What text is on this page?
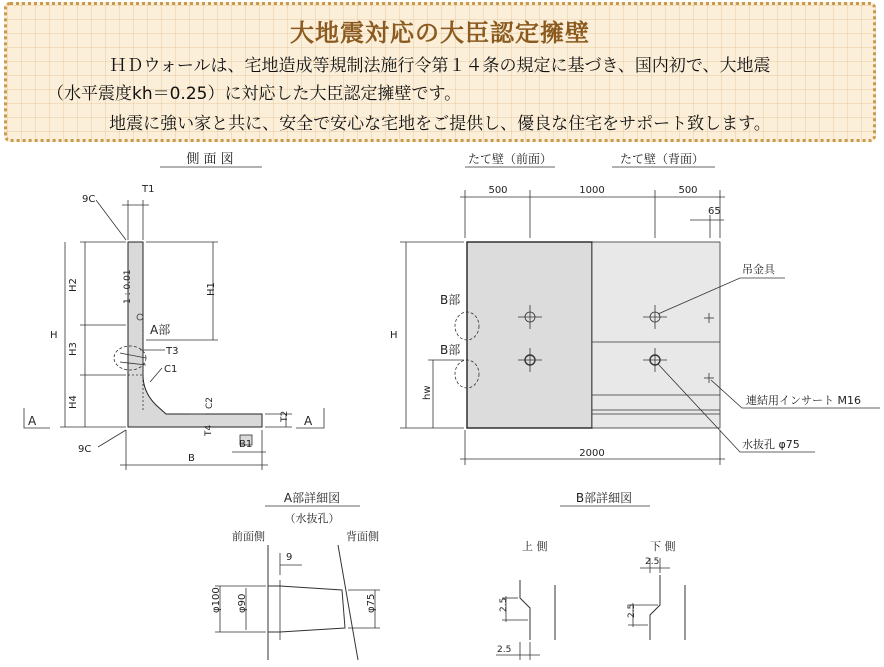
大地震対応の大臣認定擁壁
ＨＤウォールは、宅地造成等規制法施行令第１４条の規定に基づき、国内初で、大地震
（水平震度kh＝0.25）に対応した大臣認定擁壁です。
地震に強い家と共に、安全で安心な宅地をご提供し、優良な住宅をサポート致します。
側 面 図
T1
9C
H
H2
H3
H4
1 : 0.01	H1
A部
T3
C1
C2
T4
T2
B1
B
9C
A	A
たて壁（前面）	たて壁（背面）
500	1000	500
65
B部
B部
H
hw
2000
吊金具
連結用インサート M16
水抜孔 φ75
A部詳細図
（水抜孔）
前面側	背面側
9
φ100 φ90	φ75
B部詳細図
上 側	下 側
2.5
2.5
2.5
2.5
